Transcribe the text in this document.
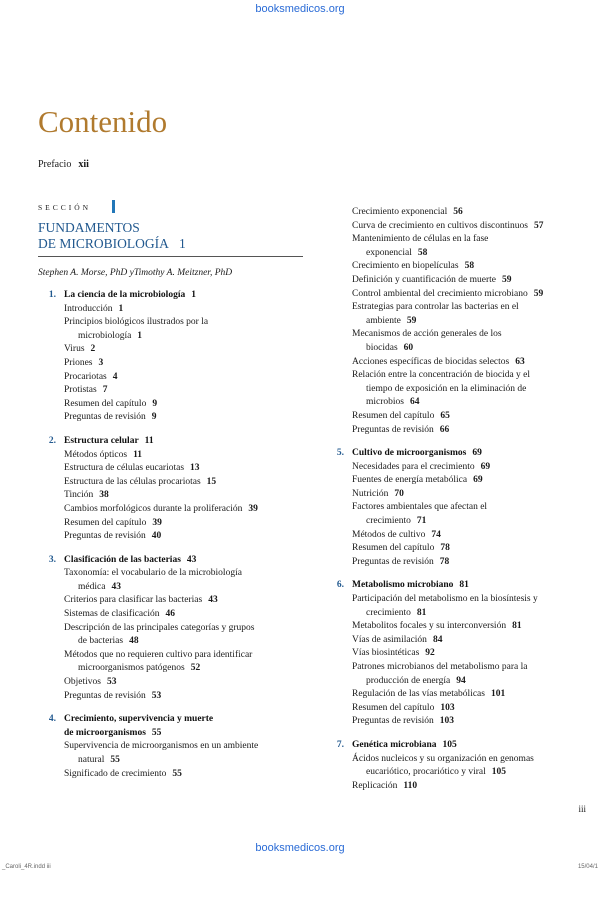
booksmedicos.org
Contenido
Prefacio xii
SECCIÓN
FUNDAMENTOS
DE MICROBIOLOGÍA 1
Stephen A. Morse, PhD yTimothy A. Meitzner, PhD
1. La ciencia de la microbiología 1
Introducción 1
Principios biológicos ilustrados por la
microbiología 1
Virus 2
Priones 3
Procariotas 4
Protistas 7
Resumen del capítulo 9
Preguntas de revisión 9
2. Estructura celular 11
Métodos ópticos 11
Estructura de células eucariotas 13
Estructura de las células procariotas 15
Tinción 38
Cambios morfológicos durante la proliferación 39
Resumen del capítulo 39
Preguntas de revisión 40
3. Clasificación de las bacterias 43
Taxonomía: el vocabulario de la microbiología
médica 43
Criterios para clasificar las bacterias 43
Sistemas de clasificación 46
Descripción de las principales categorías y grupos
de bacterias 48
Métodos que no requieren cultivo para identificar
microorganismos patógenos 52
Objetivos 53
Preguntas de revisión 53
4. Crecimiento, supervivencia y muerte
de microorganismos 55
Supervivencia de microorganismos en un ambiente
natural 55
Significado de crecimiento 55
Crecimiento exponencial 56
Curva de crecimiento en cultivos discontinuos 57
Mantenimiento de células en la fase
exponencial 58
Crecimiento en biopelículas 58
Definición y cuantificación de muerte 59
Control ambiental del crecimiento microbiano 59
Estrategias para controlar las bacterias en el
ambiente 59
Mecanismos de acción generales de los
biocidas 60
Acciones específicas de biocidas selectos 63
Relación entre la concentración de biocida y el
tiempo de exposición en la eliminación de
microbios 64
Resumen del capítulo 65
Preguntas de revisión 66
5. Cultivo de microorganismos 69
Necesidades para el crecimiento 69
Fuentes de energía metabólica 69
Nutrición 70
Factores ambientales que afectan el
crecimiento 71
Métodos de cultivo 74
Resumen del capítulo 78
Preguntas de revisión 78
6. Metabolismo microbiano 81
Participación del metabolismo en la biosíntesis y
crecimiento 81
Metabolitos focales y su interconversión 81
Vías de asimilación 84
Vías biosintéticas 92
Patrones microbianos del metabolismo para la
producción de energía 94
Regulación de las vías metabólicas 101
Resumen del capítulo 103
Preguntas de revisión 103
7. Genética microbiana 105
Ácidos nucleicos y su organización en genomas
eucariótico, procariótico y viral 105
Replicación 110
iii
booksmedicos.org
_Caroli_4R.indd iii	15/04/1
